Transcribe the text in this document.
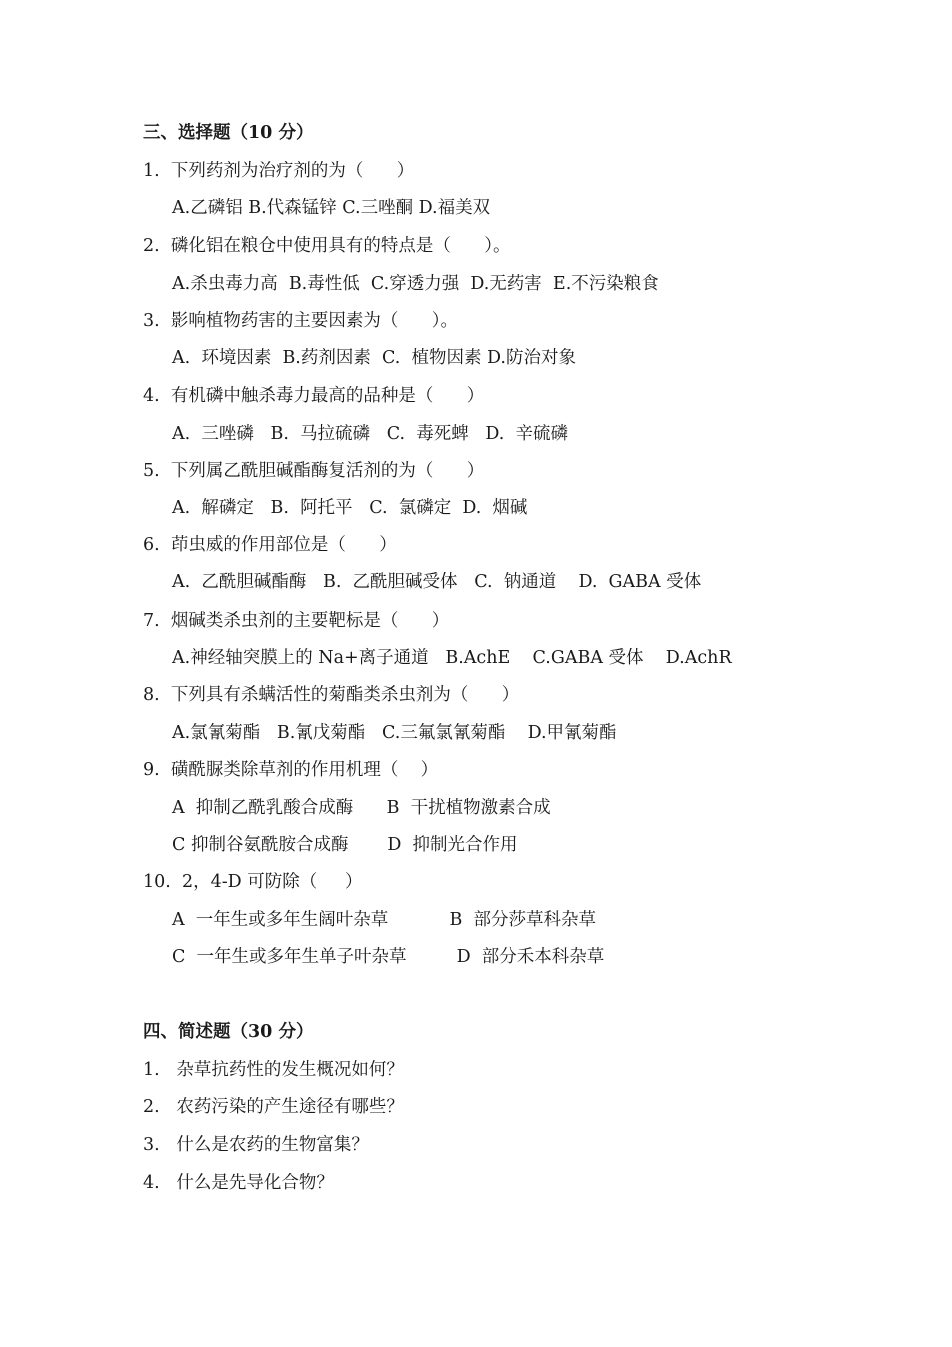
三、选择题（10 分）
1.  下列药剂为治疗剂的为（      ）
A.乙磷铝 B.代森锰锌 C.三唑酮 D.福美双
2.  磷化铝在粮仓中使用具有的特点是（      ）。
A.杀虫毒力高  B.毒性低  C.穿透力强  D.无药害  E.不污染粮食
3.  影响植物药害的主要因素为（      ）。
A.  环境因素  B.药剂因素  C.  植物因素 D.防治对象
4.  有机磷中触杀毒力最高的品种是（      ）
A.  三唑磷   B.  马拉硫磷   C.  毒死蜱   D.  辛硫磷
5.  下列属乙酰胆碱酯酶复活剂的为（      ）
A.  解磷定   B.  阿托平   C.  氯磷定  D.  烟碱
6.  茚虫威的作用部位是（      ）
A.  乙酰胆碱酯酶   B.  乙酰胆碱受体   C.  钠通道    D.  GABA 受体
7.  烟碱类杀虫剂的主要靶标是（      ）
A.神经轴突膜上的 Na+离子通道   B.AchE    C.GABA 受体    D.AchR
8.  下列具有杀螨活性的菊酯类杀虫剂为（      ）
A.氯氰菊酯   B.氰戊菊酯   C.三氟氯氰菊酯    D.甲氰菊酯
9.  磺酰脲类除草剂的作用机理（    ）
A  抑制乙酰乳酸合成酶      B  干扰植物激素合成
C 抑制谷氨酰胺合成酶       D  抑制光合作用
10.  2，4-D 可防除（     ）
A  一年生或多年生阔叶杂草           B  部分莎草科杂草
C  一年生或多年生单子叶杂草         D  部分禾本科杂草
四、简述题（30 分）
1.   杂草抗药性的发生概况如何？
2.   农药污染的产生途径有哪些？
3.   什么是农药的生物富集？
4.   什么是先导化合物？
